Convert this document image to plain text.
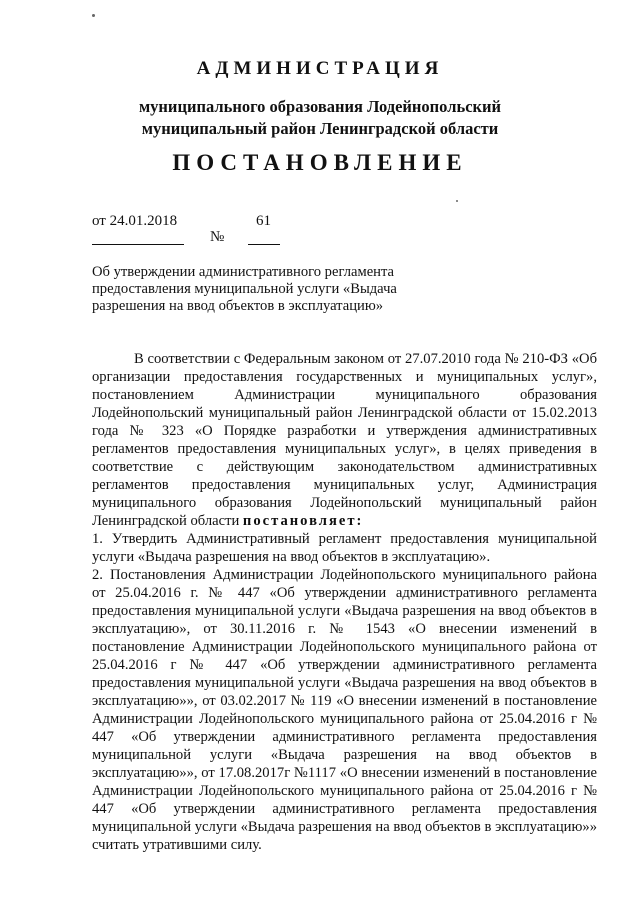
АДМИНИСТРАЦИЯ
муниципального образования Лодейнопольский
муниципальный район Ленинградской области
ПОСТАНОВЛЕНИЕ
от 24.01.2018	61
№
Об утверждении административного регламента
предоставления муниципальной услуги «Выдача
разрешения на ввод объектов в эксплуатацию»

В соответствии с Федеральным законом от 27.07.2010 года № 210-ФЗ «Об организации предоставления государственных и муниципальных услуг», постановлением Администрации муниципального образования Лодейнопольский муниципальный район Ленинградской области от 15.02.2013 года № 323 «О Порядке разработки и утверждения административных регламентов предоставления муниципальных услуг», в целях приведения в соответствие с действующим законодательством административных регламентов предоставления муниципальных услуг, Администрация муниципального образования Лодейнопольский муниципальный район Ленинградской области постановляет:

1. Утвердить Административный регламент предоставления муниципальной услуги «Выдача разрешения на ввод объектов в эксплуатацию».

2. Постановления Администрации Лодейнопольского муниципального района от 25.04.2016 г. № 447 «Об утверждении административного регламента предоставления муниципальной услуги «Выдача разрешения на ввод объектов в эксплуатацию», от 30.11.2016 г. № 1543 «О внесении изменений в постановление Администрации Лодейнопольского муниципального района от 25.04.2016 г № 447 «Об утверждении административного регламента предоставления муниципальной услуги «Выдача разрешения на ввод объектов в эксплуатацию»», от 03.02.2017 № 119 «О внесении изменений в постановление Администрации Лодейнопольского муниципального района от 25.04.2016 г № 447 «Об утверждении административного регламента предоставления муниципальной услуги «Выдача разрешения на ввод объектов в эксплуатацию»», от 17.08.2017г №1117 «О внесении изменений в постановление Администрации Лодейнопольского муниципального района от 25.04.2016 г № 447 «Об утверждении административного регламента предоставления муниципальной услуги «Выдача разрешения на ввод объектов в эксплуатацию»» считать утратившими силу.
